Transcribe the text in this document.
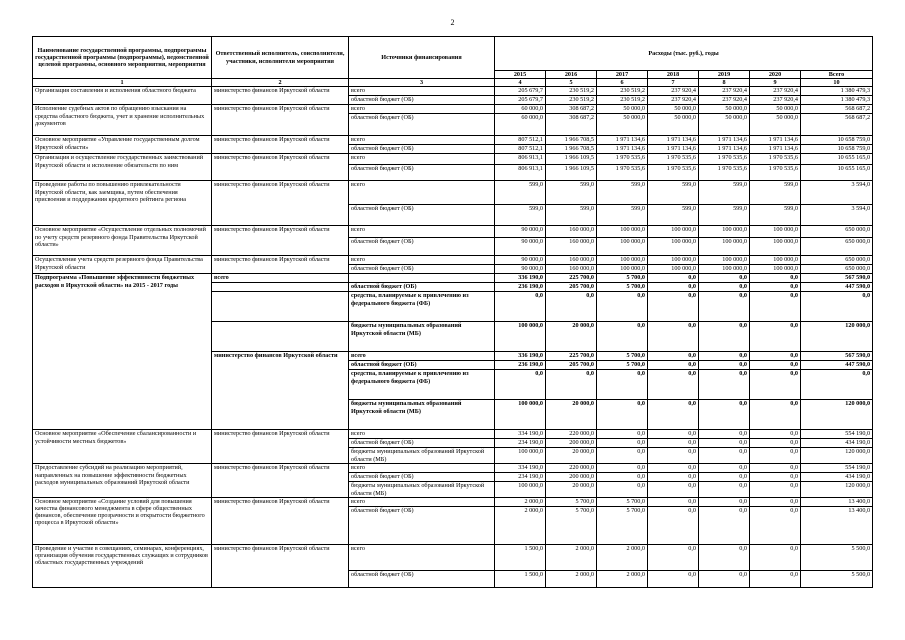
2
Наименование государственной программы, подпрограммы государственной программы (подпрограммы), ведомственной целевой программы, основного мероприятия, мероприятия	Ответственный исполнитель, соисполнители, участники, исполнители мероприятия	Источники финансирования	Расходы (тыс. руб.), годы						
			2015	2016	2017	2018	2019	2020	Всего
1	2	3	4	5	6	7	8	9	10
Организация составления и исполнения областного бюджета	министерство финансов Иркутской области	всего	205 679,7	230 519,2	230 519,2	237 920,4	237 920,4	237 920,4	1 380 479,3
		областной бюджет (ОБ)	205 679,7	230 519,2	230 519,2	237 920,4	237 920,4	237 920,4	1 380 479,3
Исполнение судебных актов по обращению взыскания на средства областного бюджета, учет и хранение исполнительных документов	министерство финансов Иркутской области	всего	60 000,0	308 687,2	50 000,0	50 000,0	50 000,0	50 000,0	568 687,2
		областной бюджет (ОБ)	60 000,0	308 687,2	50 000,0	50 000,0	50 000,0	50 000,0	568 687,2
Основное мероприятие «Управление государственным долгом Иркутской области»	министерство финансов Иркутской области	всего	807 512,1	1 966 708,5	1 971 134,6	1 971 134,6	1 971 134,6	1 971 134,6	10 658 759,0
		областной бюджет (ОБ)	807 512,1	1 966 708,5	1 971 134,6	1 971 134,6	1 971 134,6	1 971 134,6	10 658 759,0
Организация и осуществление государственных заимствований Иркутской области и исполнение обязательств по ним	министерство финансов Иркутской области	всего	806 913,1	1 966 109,5	1 970 535,6	1 970 535,6	1 970 535,6	1 970 535,6	10 655 165,0
		областной бюджет (ОБ)	806 913,1	1 966 109,5	1 970 535,6	1 970 535,6	1 970 535,6	1 970 535,6	10 655 165,0
Проведение работы по повышению привлекательности Иркутской области, как заемщика, путем обеспечения присвоения и поддержания кредитного рейтинга региона	министерство финансов Иркутской области	всего	599,0	599,0	599,0	599,0	599,0	599,0	3 594,0
		областной бюджет (ОБ)	599,0	599,0	599,0	599,0	599,0	599,0	3 594,0
Основное мероприятие «Осуществление отдельных полномочий по учету средств резервного фонда Правительства Иркутской области»	министерство финансов Иркутской области	всего	90 000,0	160 000,0	100 000,0	100 000,0	100 000,0	100 000,0	650 000,0
		областной бюджет (ОБ)	90 000,0	160 000,0	100 000,0	100 000,0	100 000,0	100 000,0	650 000,0
Осуществление учета средств резервного фонда Правительства Иркутской области	министерство финансов Иркутской области	всего	90 000,0	160 000,0	100 000,0	100 000,0	100 000,0	100 000,0	650 000,0
		областной бюджет (ОБ)	90 000,0	160 000,0	100 000,0	100 000,0	100 000,0	100 000,0	650 000,0
Подпрограмма «Повышение эффективности бюджетных расходов в Иркутской области» на 2015 - 2017 годы	всего		336 190,0	225 700,0	5 700,0	0,0	0,0	0,0	567 590,0
		областной бюджет (ОБ)	236 190,0	205 700,0	5 700,0	0,0	0,0	0,0	447 590,0
		средства, планируемые к привлечению из федерального бюджета (ФБ)	0,0	0,0	0,0	0,0	0,0	0,0	0,0
		бюджеты муниципальных образований Иркутской области (МБ)	100 000,0	20 000,0	0,0	0,0	0,0	0,0	120 000,0
	министерство финансов Иркутской области	всего	336 190,0	225 700,0	5 700,0	0,0	0,0	0,0	567 590,0
		областной бюджет (ОБ)	236 190,0	205 700,0	5 700,0	0,0	0,0	0,0	447 590,0
		средства, планируемые к привлечению из федерального бюджета (ФБ)	0,0	0,0	0,0	0,0	0,0	0,0	0,0
		бюджеты муниципальных образований Иркутской области (МБ)	100 000,0	20 000,0	0,0	0,0	0,0	0,0	120 000,0
Основное мероприятие «Обеспечение сбалансированности и устойчивости местных бюджетов»	министерство финансов Иркутской области	всего	334 190,0	220 000,0	0,0	0,0	0,0	0,0	554 190,0
		областной бюджет (ОБ)	234 190,0	200 000,0	0,0	0,0	0,0	0,0	434 190,0
		бюджеты муниципальных образований Иркутской области (МБ)	100 000,0	20 000,0	0,0	0,0	0,0	0,0	120 000,0
Предоставление субсидий на реализацию мероприятий, направленных на повышение эффективности бюджетных расходов муниципальных образований Иркутской области	министерство финансов Иркутской области	всего	334 190,0	220 000,0	0,0	0,0	0,0	0,0	554 190,0
		областной бюджет (ОБ)	234 190,0	200 000,0	0,0	0,0	0,0	0,0	434 190,0
		бюджеты муниципальных образований Иркутской области (МБ)	100 000,0	20 000,0	0,0	0,0	0,0	0,0	120 000,0
Основное мероприятие «Создание условий для повышения качества финансового менеджмента в сфере общественных финансов, обеспечение прозрачности и открытости бюджетного процесса в Иркутской области»	министерство финансов Иркутской области	всего	2 000,0	5 700,0	5 700,0	0,0	0,0	0,0	13 400,0
		областной бюджет (ОБ)	2 000,0	5 700,0	5 700,0	0,0	0,0	0,0	13 400,0
Проведение и участие в совещаниях, семинарах, конференциях, организация обучения государственных служащих и сотрудников областных государственных учреждений	министерство финансов Иркутской области	всего	1 500,0	2 000,0	2 000,0	0,0	0,0	0,0	5 500,0
		областной бюджет (ОБ)	1 500,0	2 000,0	2 000,0	0,0	0,0	0,0	5 500,0
